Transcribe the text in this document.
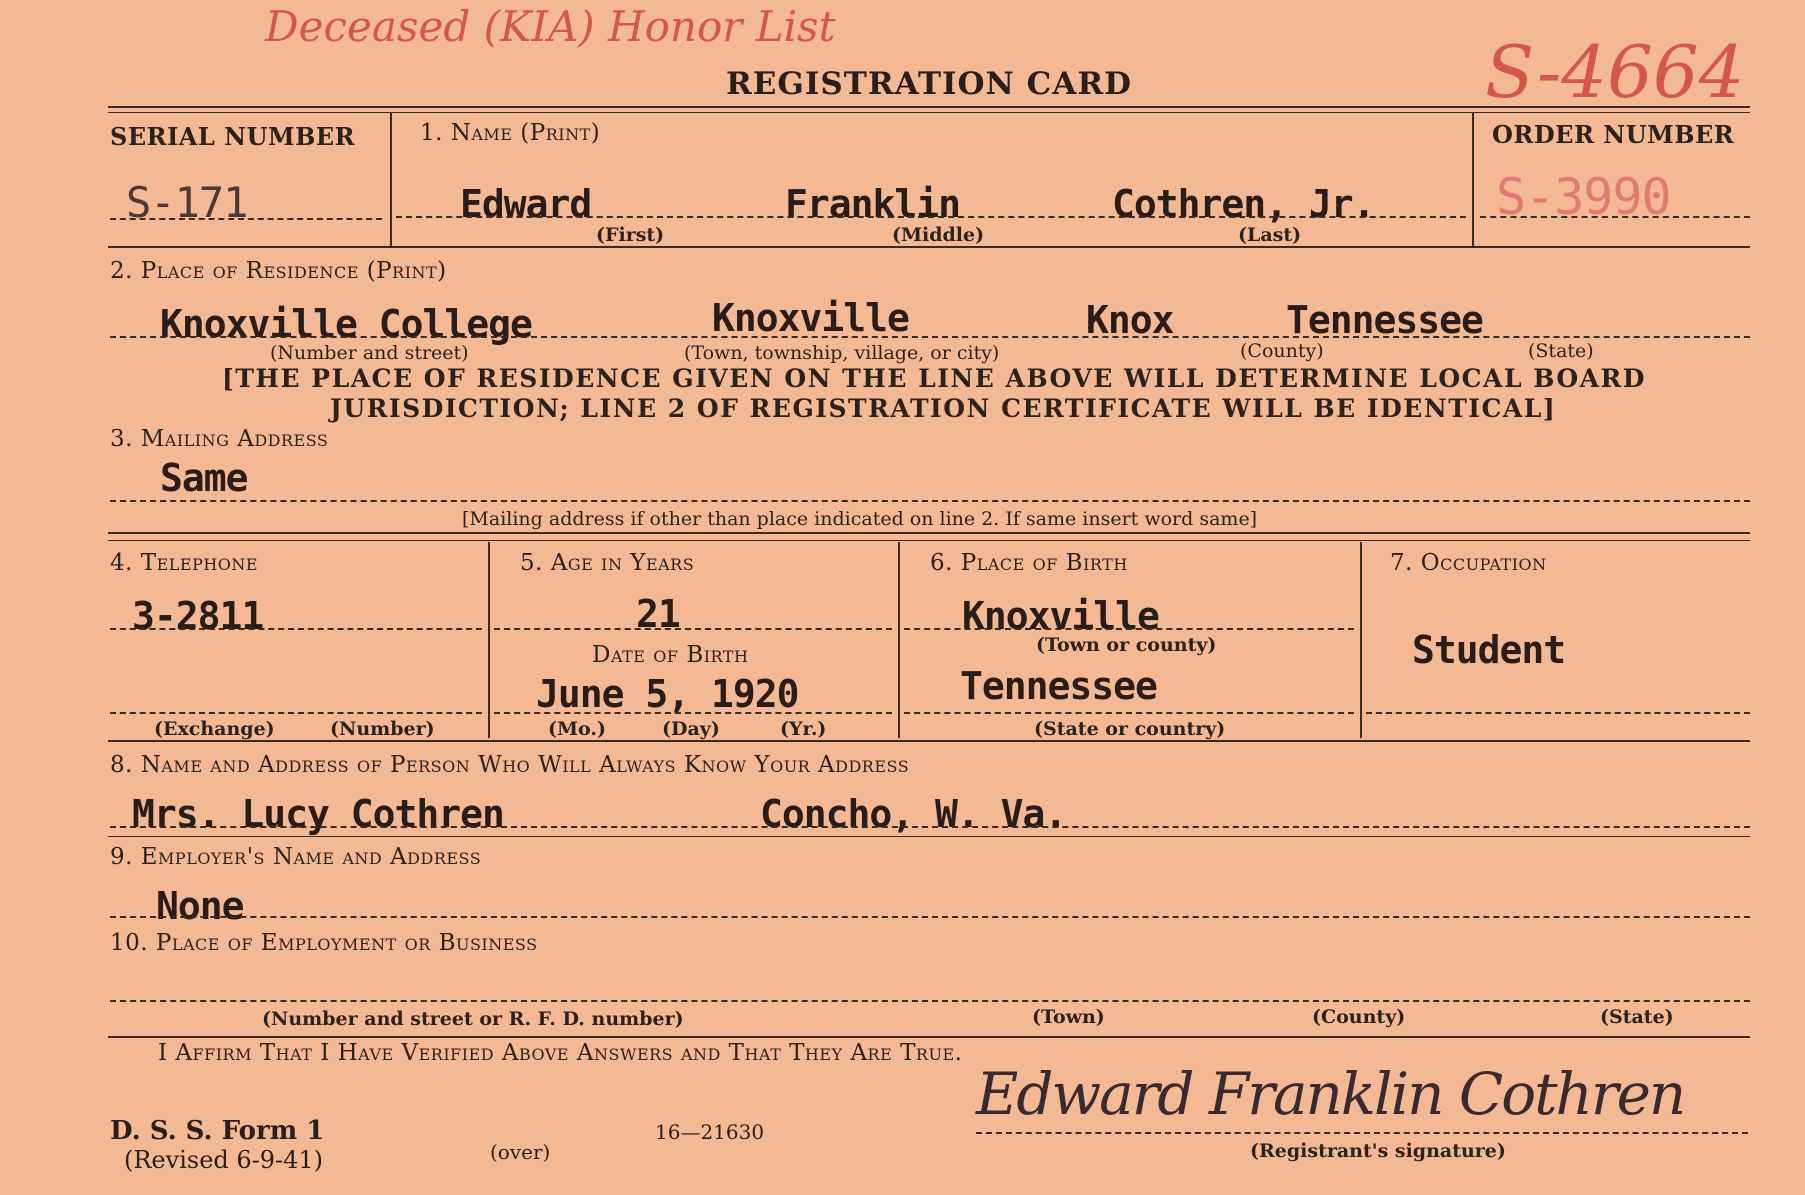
Deceased (KIA) Honor List
S-4664
REGISTRATION CARD
SERIAL NUMBER
S-171
1. Name (Print)
Edward	Franklin	Cothren, Jr.
(First)	(Middle)	(Last)
ORDER NUMBER
S-3990
2. Place of Residence (Print)
Knoxville College	Knoxville	Knox	Tennessee
(Number and street)	(Town, township, village, or city)	(County)	(State)
[THE PLACE OF RESIDENCE GIVEN ON THE LINE ABOVE WILL DETERMINE LOCAL BOARD
JURISDICTION; LINE 2 OF REGISTRATION CERTIFICATE WILL BE IDENTICAL]
3. Mailing Address
Same
[Mailing address if other than place indicated on line 2. If same insert word same]
4. Telephone
3-2811
(Exchange)	(Number)
5. Age in Years
21
Date of Birth
June 5, 1920
(Mo.)	(Day)	(Yr.)
6. Place of Birth
Knoxville
(Town or county)
Tennessee
(State or country)
7. Occupation
Student
8. Name and Address of Person Who Will Always Know Your Address
Mrs. Lucy Cothren	Concho, W. Va.
9. Employer's Name and Address
None
10. Place of Employment or Business
(Number and street or R. F. D. number)	(Town)	(County)	(State)
I Affirm That I Have Verified Above Answers and That They Are True.
D. S. S. Form 1
(Revised 6-9-41)	(over)
16—21630
Edward Franklin Cothren
(Registrant's signature)
